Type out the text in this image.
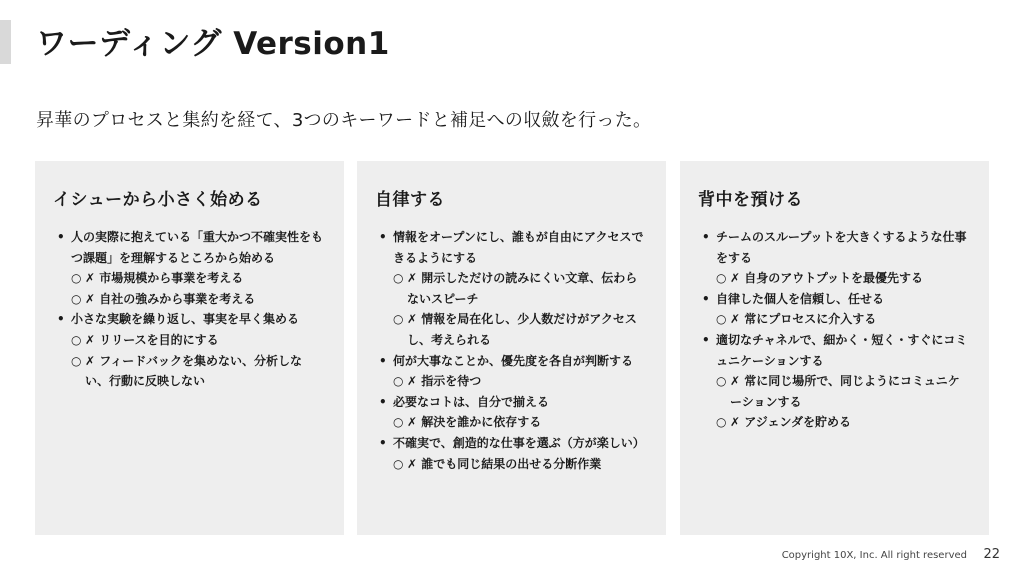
ワーディング Version1

昇華のプロセスと集約を経て、3つのキーワードと補足への収斂を行った。

イシューから小さく始める
• 人の実際に抱えている「重大かつ不確実性をもつ課題」を理解するところから始める
○ ✗ 市場規模から事業を考える
○ ✗ 自社の強みから事業を考える
• 小さな実験を繰り返し、事実を早く集める
○ ✗ リリースを目的にする
○ ✗ フィードバックを集めない、分析しない、行動に反映しない
自律する
• 情報をオープンにし、誰もが自由にアクセスできるようにする
○ ✗ 開示しただけの読みにくい文章、伝わらないスピーチ
○ ✗ 情報を局在化し、少人数だけがアクセスし、考えられる
• 何が大事なことか、優先度を各自が判断する
○ ✗ 指示を待つ
• 必要なコトは、自分で揃える
○ ✗ 解決を誰かに依存する
• 不確実で、創造的な仕事を選ぶ（方が楽しい）
○ ✗ 誰でも同じ結果の出せる分断作業
背中を預ける
• チームのスループットを大きくするような仕事をする
○ ✗ 自身のアウトプットを最優先する
• 自律した個人を信頼し、任せる
○ ✗ 常にプロセスに介入する
• 適切なチャネルで、細かく・短く・すぐにコミュニケーションする
○ ✗ 常に同じ場所で、同じようにコミュニケーションする
○ ✗ アジェンダを貯める
Copyright 10X, Inc. All right reserved 22
